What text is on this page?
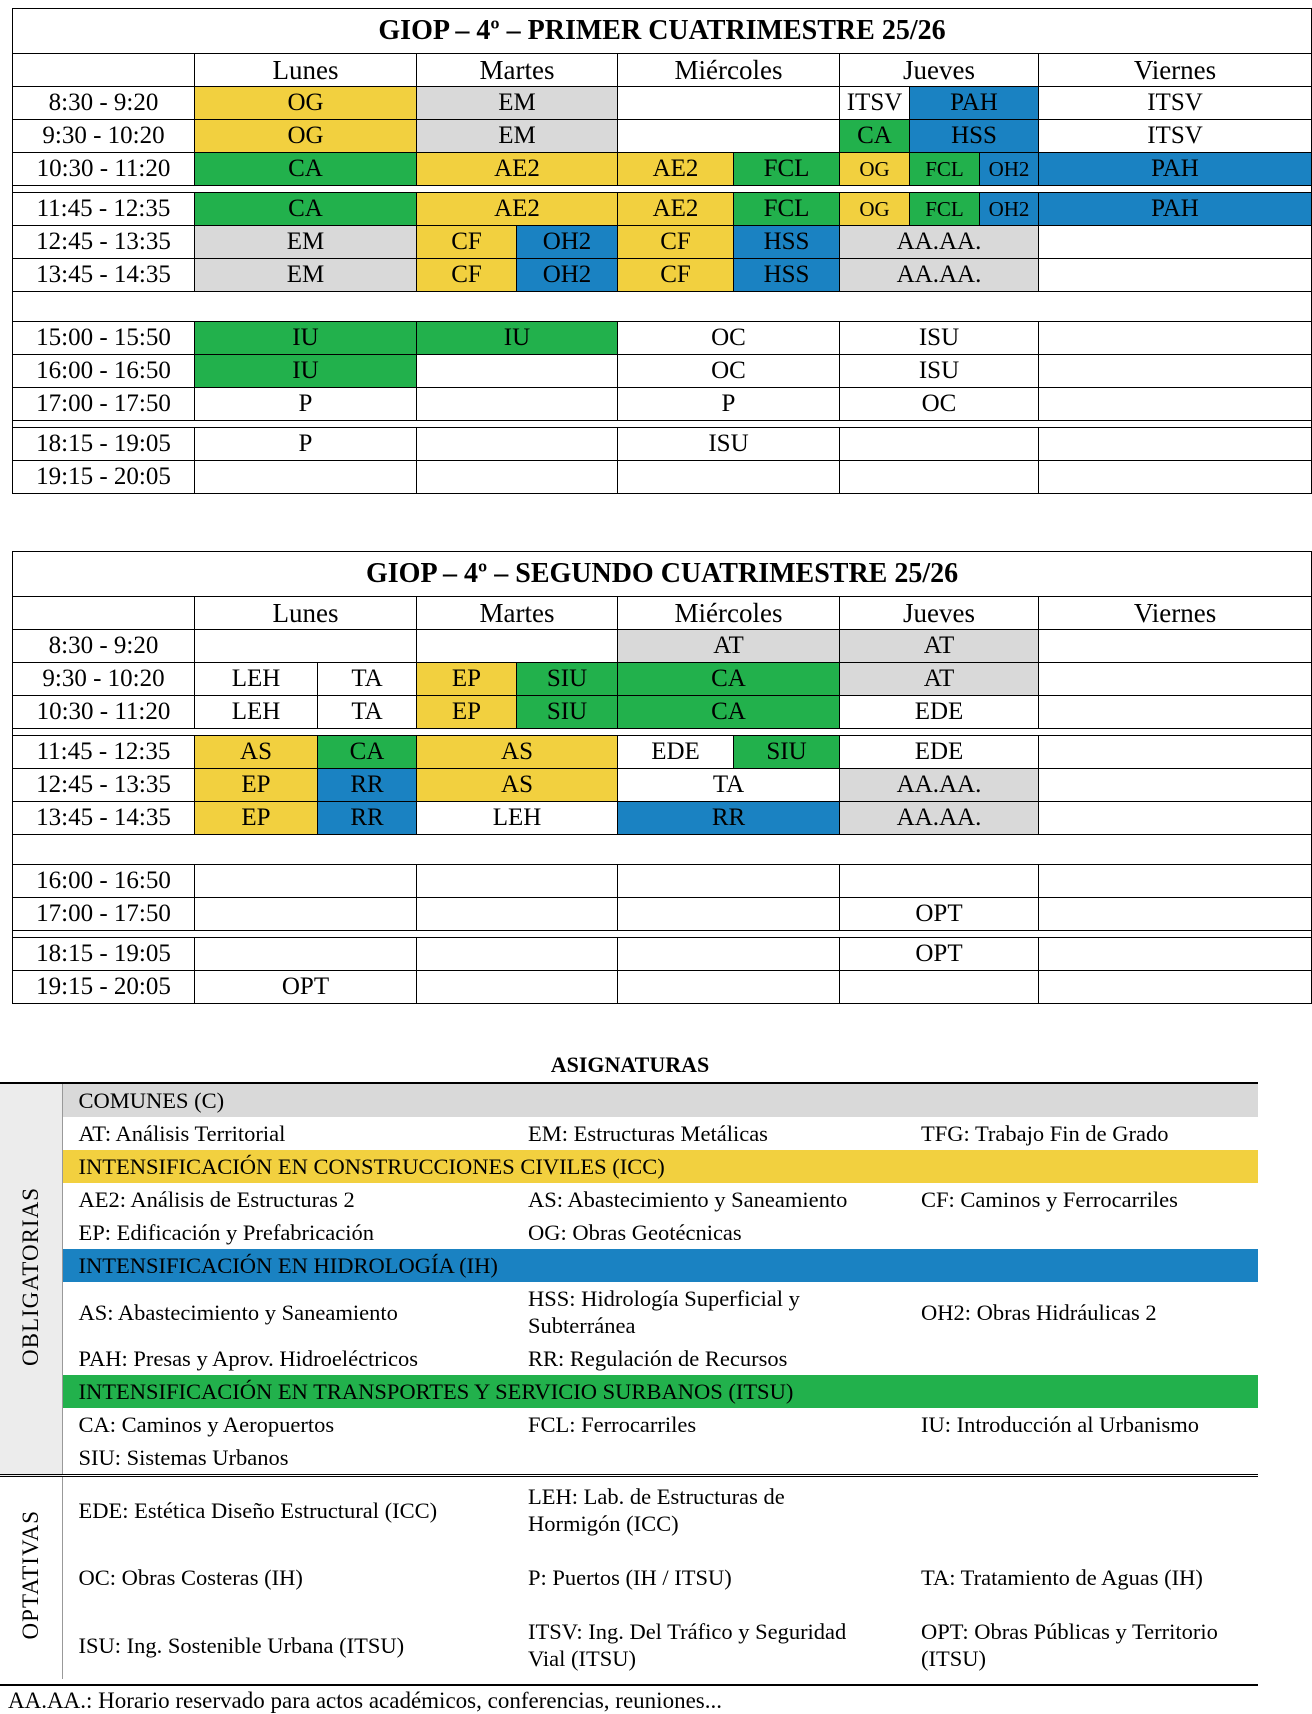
GIOP – 4º – PRIMER CUATRIMESTRE 25/26									
	Lunes	Martes		Miércoles		Jueves			Viernes
8:30 - 9:20	OG	EM				ITSV	PAH		ITSV
9:30 - 10:20	OG	EM				CA	HSS		ITSV
10:30 - 11:20	CA	AE2		AE2	FCL	OG	FCL	OH2	PAH

11:45 - 12:35	CA	AE2		AE2	FCL	OG	FCL	OH2	PAH
12:45 - 13:35	EM	CF	OH2	CF	HSS	AA.AA.			
13:45 - 14:35	EM	CF	OH2	CF	HSS	AA.AA.			

15:00 - 15:50	IU	IU		OC		ISU			
16:00 - 16:50	IU			OC		ISU			
17:00 - 17:50	P			P		OC			

18:15 - 19:05	P			ISU					
19:15 - 20:05									
GIOP – 4º – SEGUNDO CUATRIMESTRE 25/26								
	Lunes		Martes		Miércoles		Jueves	Viernes
8:30 - 9:20					AT		AT	
9:30 - 10:20	LEH	TA	EP	SIU	CA		AT	
10:30 - 11:20	LEH	TA	EP	SIU	CA		EDE	

11:45 - 12:35	AS	CA	AS		EDE	SIU	EDE	
12:45 - 13:35	EP	RR	AS		TA		AA.AA.	
13:45 - 14:35	EP	RR	LEH		RR		AA.AA.	

16:00 - 16:50								
17:00 - 17:50							OPT	

18:15 - 19:05							OPT	
19:15 - 20:05	OPT							
ASIGNATURAS
OBLIGATORIAS	COMUNES (C)		
	AT: Análisis Territorial	EM: Estructuras Metálicas	TFG: Trabajo Fin de Grado
	INTENSIFICACIÓN EN CONSTRUCCIONES CIVILES (ICC)		
	AE2: Análisis de Estructuras 2	AS: Abastecimiento y Saneamiento	CF: Caminos y Ferrocarriles
	EP: Edificación y Prefabricación	OG: Obras Geotécnicas	
	INTENSIFICACIÓN EN HIDROLOGÍA (IH)		
	AS: Abastecimiento y Saneamiento	HSS: Hidrología Superficial y Subterránea	OH2: Obras Hidráulicas 2
	PAH: Presas y Aprov. Hidroeléctricos	RR: Regulación de Recursos	
	INTENSIFICACIÓN EN TRANSPORTES Y SERVICIO SURBANOS (ITSU)		
	CA: Caminos y Aeropuertos	FCL: Ferrocarriles	IU: Introducción al Urbanismo
	SIU: Sistemas Urbanos		

OPTATIVAS	EDE: Estética Diseño Estructural (ICC)	LEH: Lab. de Estructuras de Hormigón (ICC)	
	OC: Obras Costeras (IH)	P: Puertos (IH / ITSU)	TA: Tratamiento de Aguas (IH)
	ISU: Ing. Sostenible Urbana (ITSU)	ITSV: Ing. Del Tráfico y Seguridad Vial (ITSU)	OPT: Obras Públicas y Territorio (ITSU)
AA.AA.: Horario reservado para actos académicos, conferencias, reuniones...
